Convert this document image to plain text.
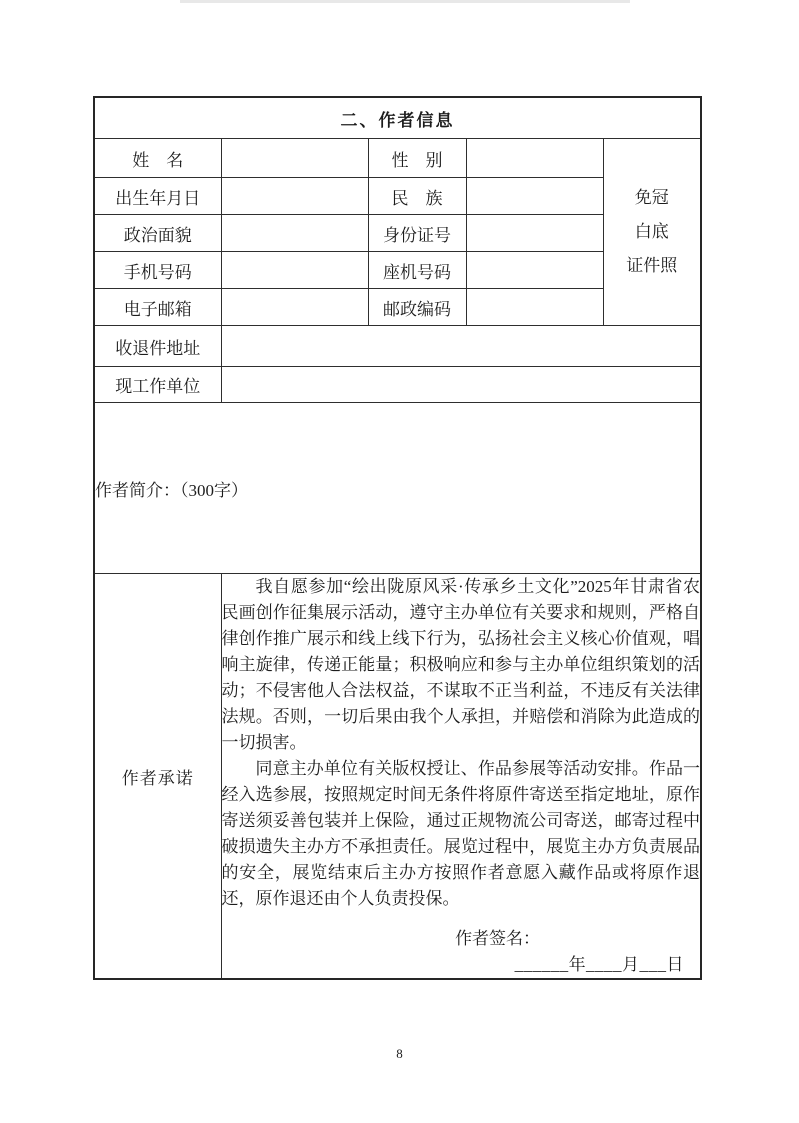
二、作者信息				
姓　名		性　别		免冠
白底
证件照

出生年月日		民　族		
政治面貌		身份证号		
手机号码		座机号码		
电子邮箱		邮政编码		
收退件地址				
现工作单位				
作者简介：（300字）				
作者承诺	我自愿参加“绘出陇原风采·传承乡土文化”2025年甘肃省农民画创作征集展示活动，遵守主办单位有关要求和规则，严格自律创作推广展示和线上线下行为，弘扬社会主义核心价值观，唱响主旋律，传递正能量；积极响应和参与主办单位组织策划的活动；不侵害他人合法权益，不谋取不正当利益，不违反有关法律法规。否则，一切后果由我个人承担，并赔偿和消除为此造成的一切损害。

同意主办单位有关版权授让、作品参展等活动安排。作品一经入选参展，按照规定时间无条件将原件寄送至指定地址，原作寄送须妥善包装并上保险，通过正规物流公司寄送，邮寄过程中破损遗失主办方不承担责任。展览过程中，展览主办方负责展品的安全，展览结束后主办方按照作者意愿入藏作品或将原作退还，原作退还由个人负责投保。

作者签名：
______年____月___日			
8
